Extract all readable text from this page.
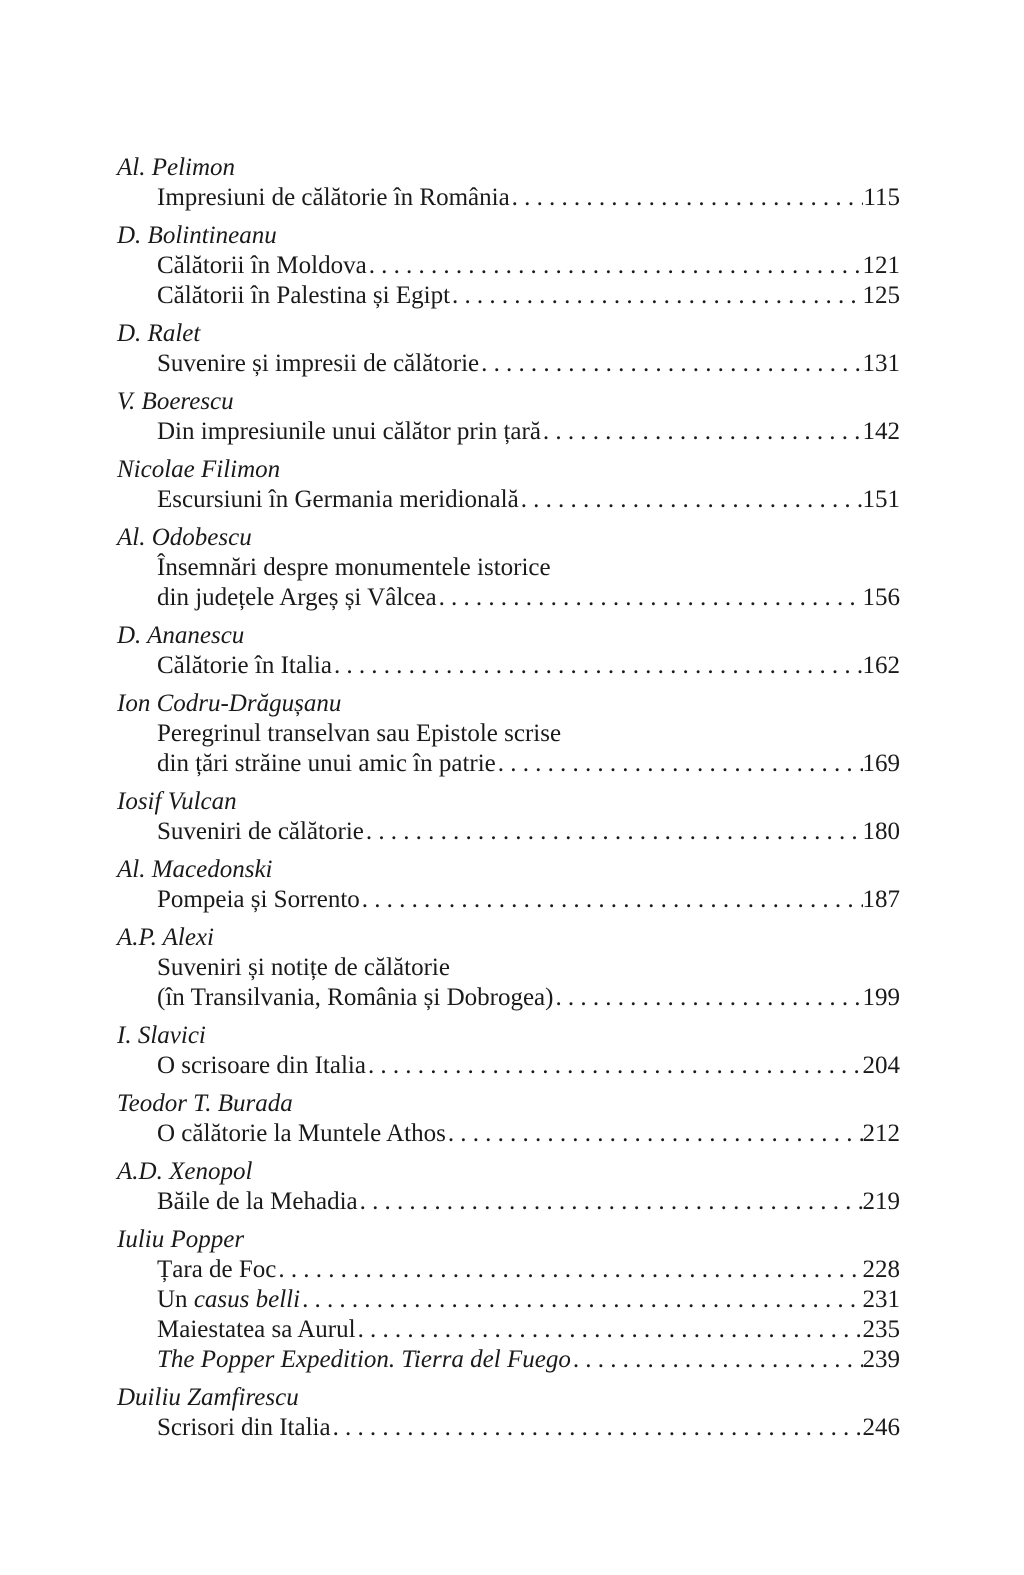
Al. Pelimon
Impresiuni de călătorie în România .....	115
D. Bolintineanu
Călătorii în Moldova .....	121
Călătorii în Palestina și Egipt .....	125
D. Ralet
Suvenire și impresii de călătorie .....	131
V. Boerescu
Din impresiunile unui călător prin țară .....	142
Nicolae Filimon
Escursiuni în Germania meridională .....	151
Al. Odobescu
Însemnări despre monumentele istorice
din județele Argeș și Vâlcea .....	156
D. Ananescu
Călătorie în Italia .....	162
Ion Codru-Drăgușanu
Peregrinul transelvan sau Epistole scrise
din țări străine unui amic în patrie .....	169
Iosif Vulcan
Suveniri de călătorie .....	180
Al. Macedonski
Pompeia și Sorrento .....	187
A.P. Alexi
Suveniri și notițe de călătorie
(în Transilvania, România și Dobrogea) .....	199
I. Slavici
O scrisoare din Italia .....	204
Teodor T. Burada
O călătorie la Muntele Athos .....	212
A.D. Xenopol
Băile de la Mehadia .....	219
Iuliu Popper
Țara de Foc .....	228
Un casus belli .....	231
Maiestatea sa Aurul .....	235
The Popper Expedition. Tierra del Fuego .....	239
Duiliu Zamfirescu
Scrisori din Italia .....	246
